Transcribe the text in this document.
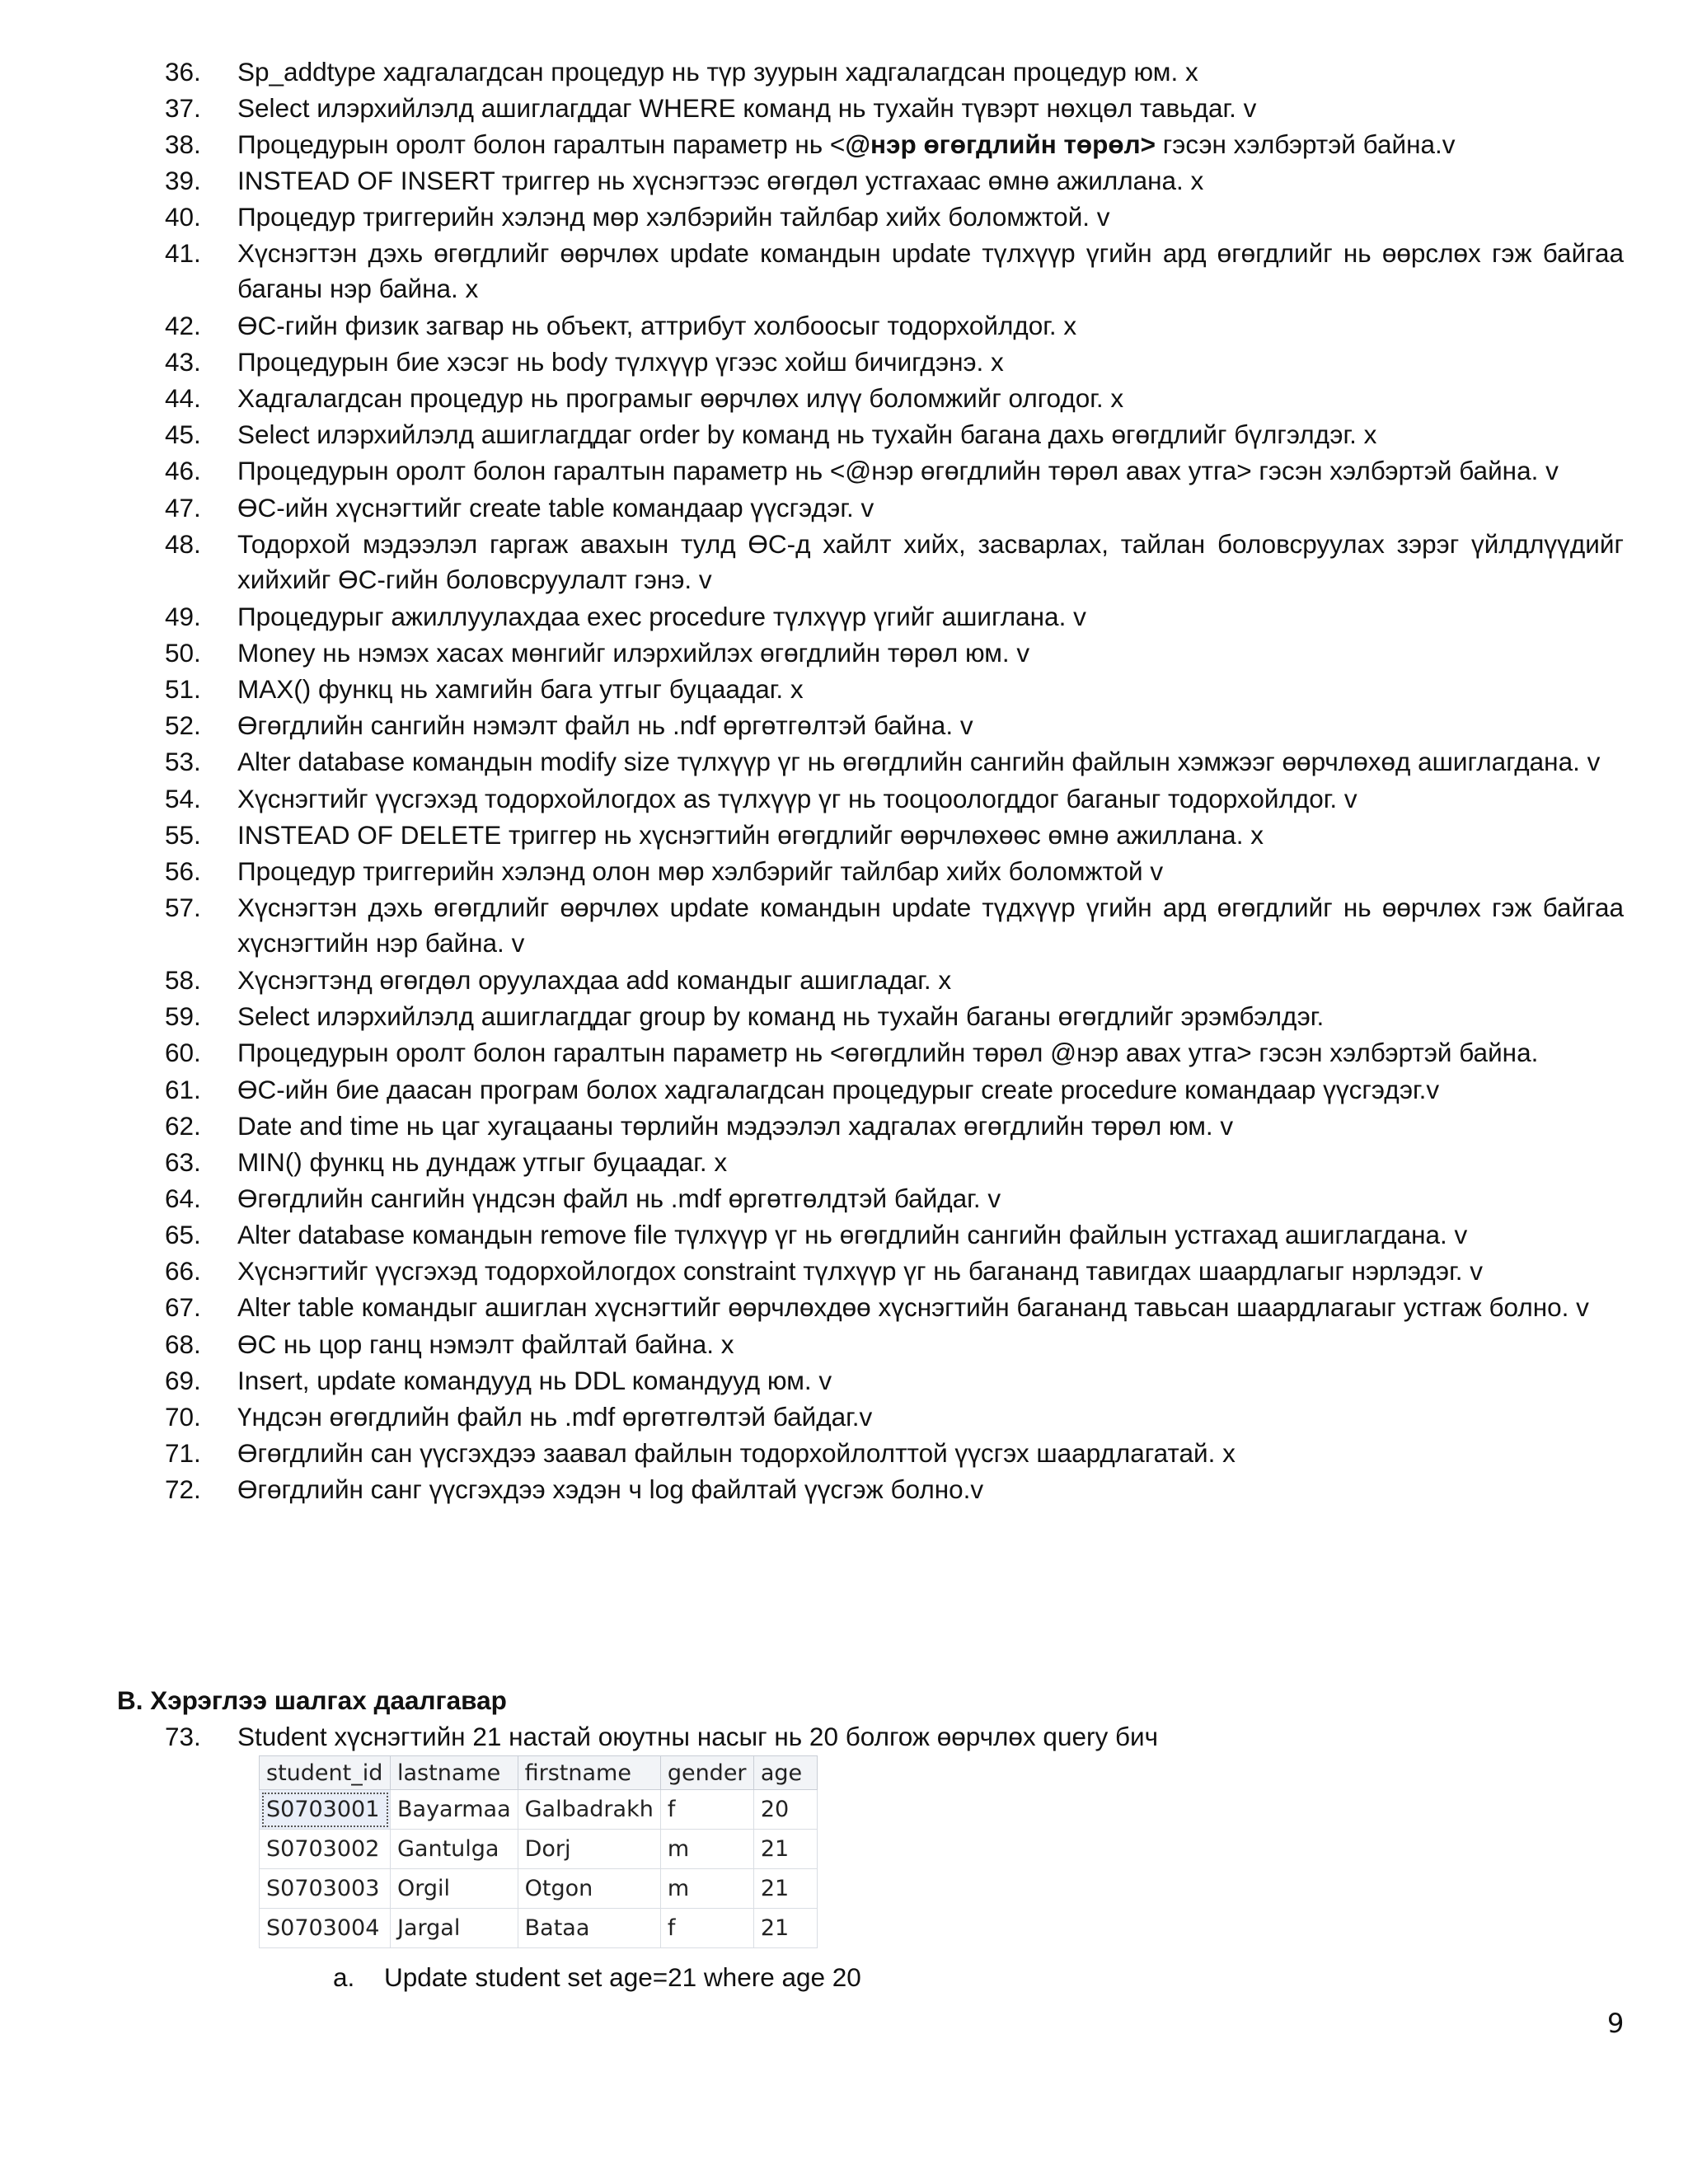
36.	Sp_addtype хадгалагдсан процедур нь түр зуурын хадгалагдсан процедур юм. x
37.	Select илэрхийлэлд ашиглагддаг WHERE команд нь тухайн түвэрт нөхцөл тавьдаг. v
38.	Процедурын оролт болон гаралтын параметр нь <@нэр өгөгдлийн төрөл> гэсэн хэлбэртэй байна.v
39.	INSTEAD OF INSERT триггер нь хүснэгтээс өгөгдөл устгахаас өмнө ажиллана. x
40.	Процедур триггерийн хэлэнд мөр хэлбэрийн тайлбар хийх боломжтой. v
41.	Хүснэгтэн дэхь өгөгдлийг өөрчлөх update командын update түлхүүр үгийн ард өгөгдлийг нь өөрслөх гэж байгаа баганы нэр байна. x
42.	ӨС-гийн физик загвар нь объект, аттрибут холбоосыг тодорхойлдог. x
43.	Процедурын бие хэсэг нь body түлхүүр үгээс хойш бичигдэнэ. x
44.	Хадгалагдсан процедур нь програмыг өөрчлөх илүү боломжийг олгодог. x
45.	Select илэрхийлэлд ашиглагддаг order by команд нь тухайн багана дахь өгөгдлийг бүлгэлдэг. x
46.	Процедурын оролт болон гаралтын параметр нь <@нэр өгөгдлийн төрөл авах утга> гэсэн хэлбэртэй байна. v
47.	ӨС-ийн хүснэгтийг create table командаар үүсгэдэг. v
48.	Тодорхой мэдээлэл гаргаж авахын тулд ӨС-д хайлт хийх, засварлах, тайлан боловсруулах зэрэг үйлдлүүдийг хийхийг ӨС-гийн боловсруулалт гэнэ. v
49.	Процедурыг ажиллуулахдаа exec procedure түлхүүр үгийг ашиглана. v
50.	Money нь нэмэх хасах мөнгийг илэрхийлэх өгөгдлийн төрөл юм. v
51.	MAX() функц нь хамгийн бага утгыг буцаадаг. x
52.	Өгөгдлийн сангийн нэмэлт файл нь .ndf өргөтгөлтэй байна. v
53.	Alter database командын modify size түлхүүр үг нь өгөгдлийн сангийн файлын хэмжээг өөрчлөхөд ашиглагдана. v
54.	Хүснэгтийг үүсгэхэд тодорхойлогдох as түлхүүр үг нь тооцоологддог баганыг тодорхойлдог. v
55.	INSTEAD OF DELETE триггер нь хүснэгтийн өгөгдлийг өөрчлөхөөс өмнө ажиллана. x
56.	Процедур триггерийн хэлэнд олон мөр хэлбэрийг тайлбар хийх боломжтой v
57.	Хүснэгтэн дэхь өгөгдлийг өөрчлөх update командын update түдхүүр үгийн ард өгөгдлийг нь өөрчлөх гэж байгаа хүснэгтийн нэр байна. v
58.	Хүснэгтэнд өгөгдөл оруулахдаа add командыг ашигладаг. x
59.	Select илэрхийлэлд ашиглагддаг group by команд нь тухайн баганы өгөгдлийг эрэмбэлдэг.
60.	Процедурын оролт болон гаралтын параметр нь <өгөгдлийн төрөл @нэр авах утга> гэсэн хэлбэртэй байна.
61.	ӨС-ийн бие даасан програм болох хадгалагдсан процедурыг create procedure командаар үүсгэдэг.v
62.	Date and time нь цаг хугацааны төрлийн мэдээлэл хадгалах өгөгдлийн төрөл юм. v
63.	MIN() функц нь дундаж утгыг буцаадаг. x
64.	Өгөгдлийн сангийн үндсэн файл нь .mdf өргөтгөлдтэй байдаг. v
65.	Alter database командын remove file түлхүүр үг нь өгөгдлийн сангийн файлын устгахад ашиглагдана. v
66.	Хүснэгтийг үүсгэхэд тодорхойлогдох constraint түлхүүр үг нь баганaнд тавигдах шаардлагыг нэрлэдэг. v
67.	Alter table командыг ашиглан хүснэгтийг өөрчлөхдөө хүснэгтийн баганaнд тавьсан шаардлагаыг устгаж болно. v
68.	ӨС нь цор ганц нэмэлт файлтай байна. x
69.	Insert, update командууд нь DDL командууд юм. v
70.	Үндсэн өгөгдлийн файл нь .mdf өргөтгөлтэй байдаг.v
71.	Өгөгдлийн сан үүсгэхдээ заавал файлын тодорхойлолттой үүсгэх шаардлагатай. x
72.	Өгөгдлийн санг үүсгэхдээ хэдэн ч log файлтай үүсгэж болно.v
B. Хэрэглээ шалгах даалгавар
73.	Student хүснэгтийн 21 настай оюутны насыг нь 20 болгож өөрчлөх query бич
student_id	lastname	firstname	gender	age
S0703001	Bayarmaa	Galbadrakh	f	20
S0703002	Gantulga	Dorj	m	21
S0703003	Orgil	Otgon	m	21
S0703004	Jargal	Bataa	f	21
a.	Update student set age=21 where age 20
9
